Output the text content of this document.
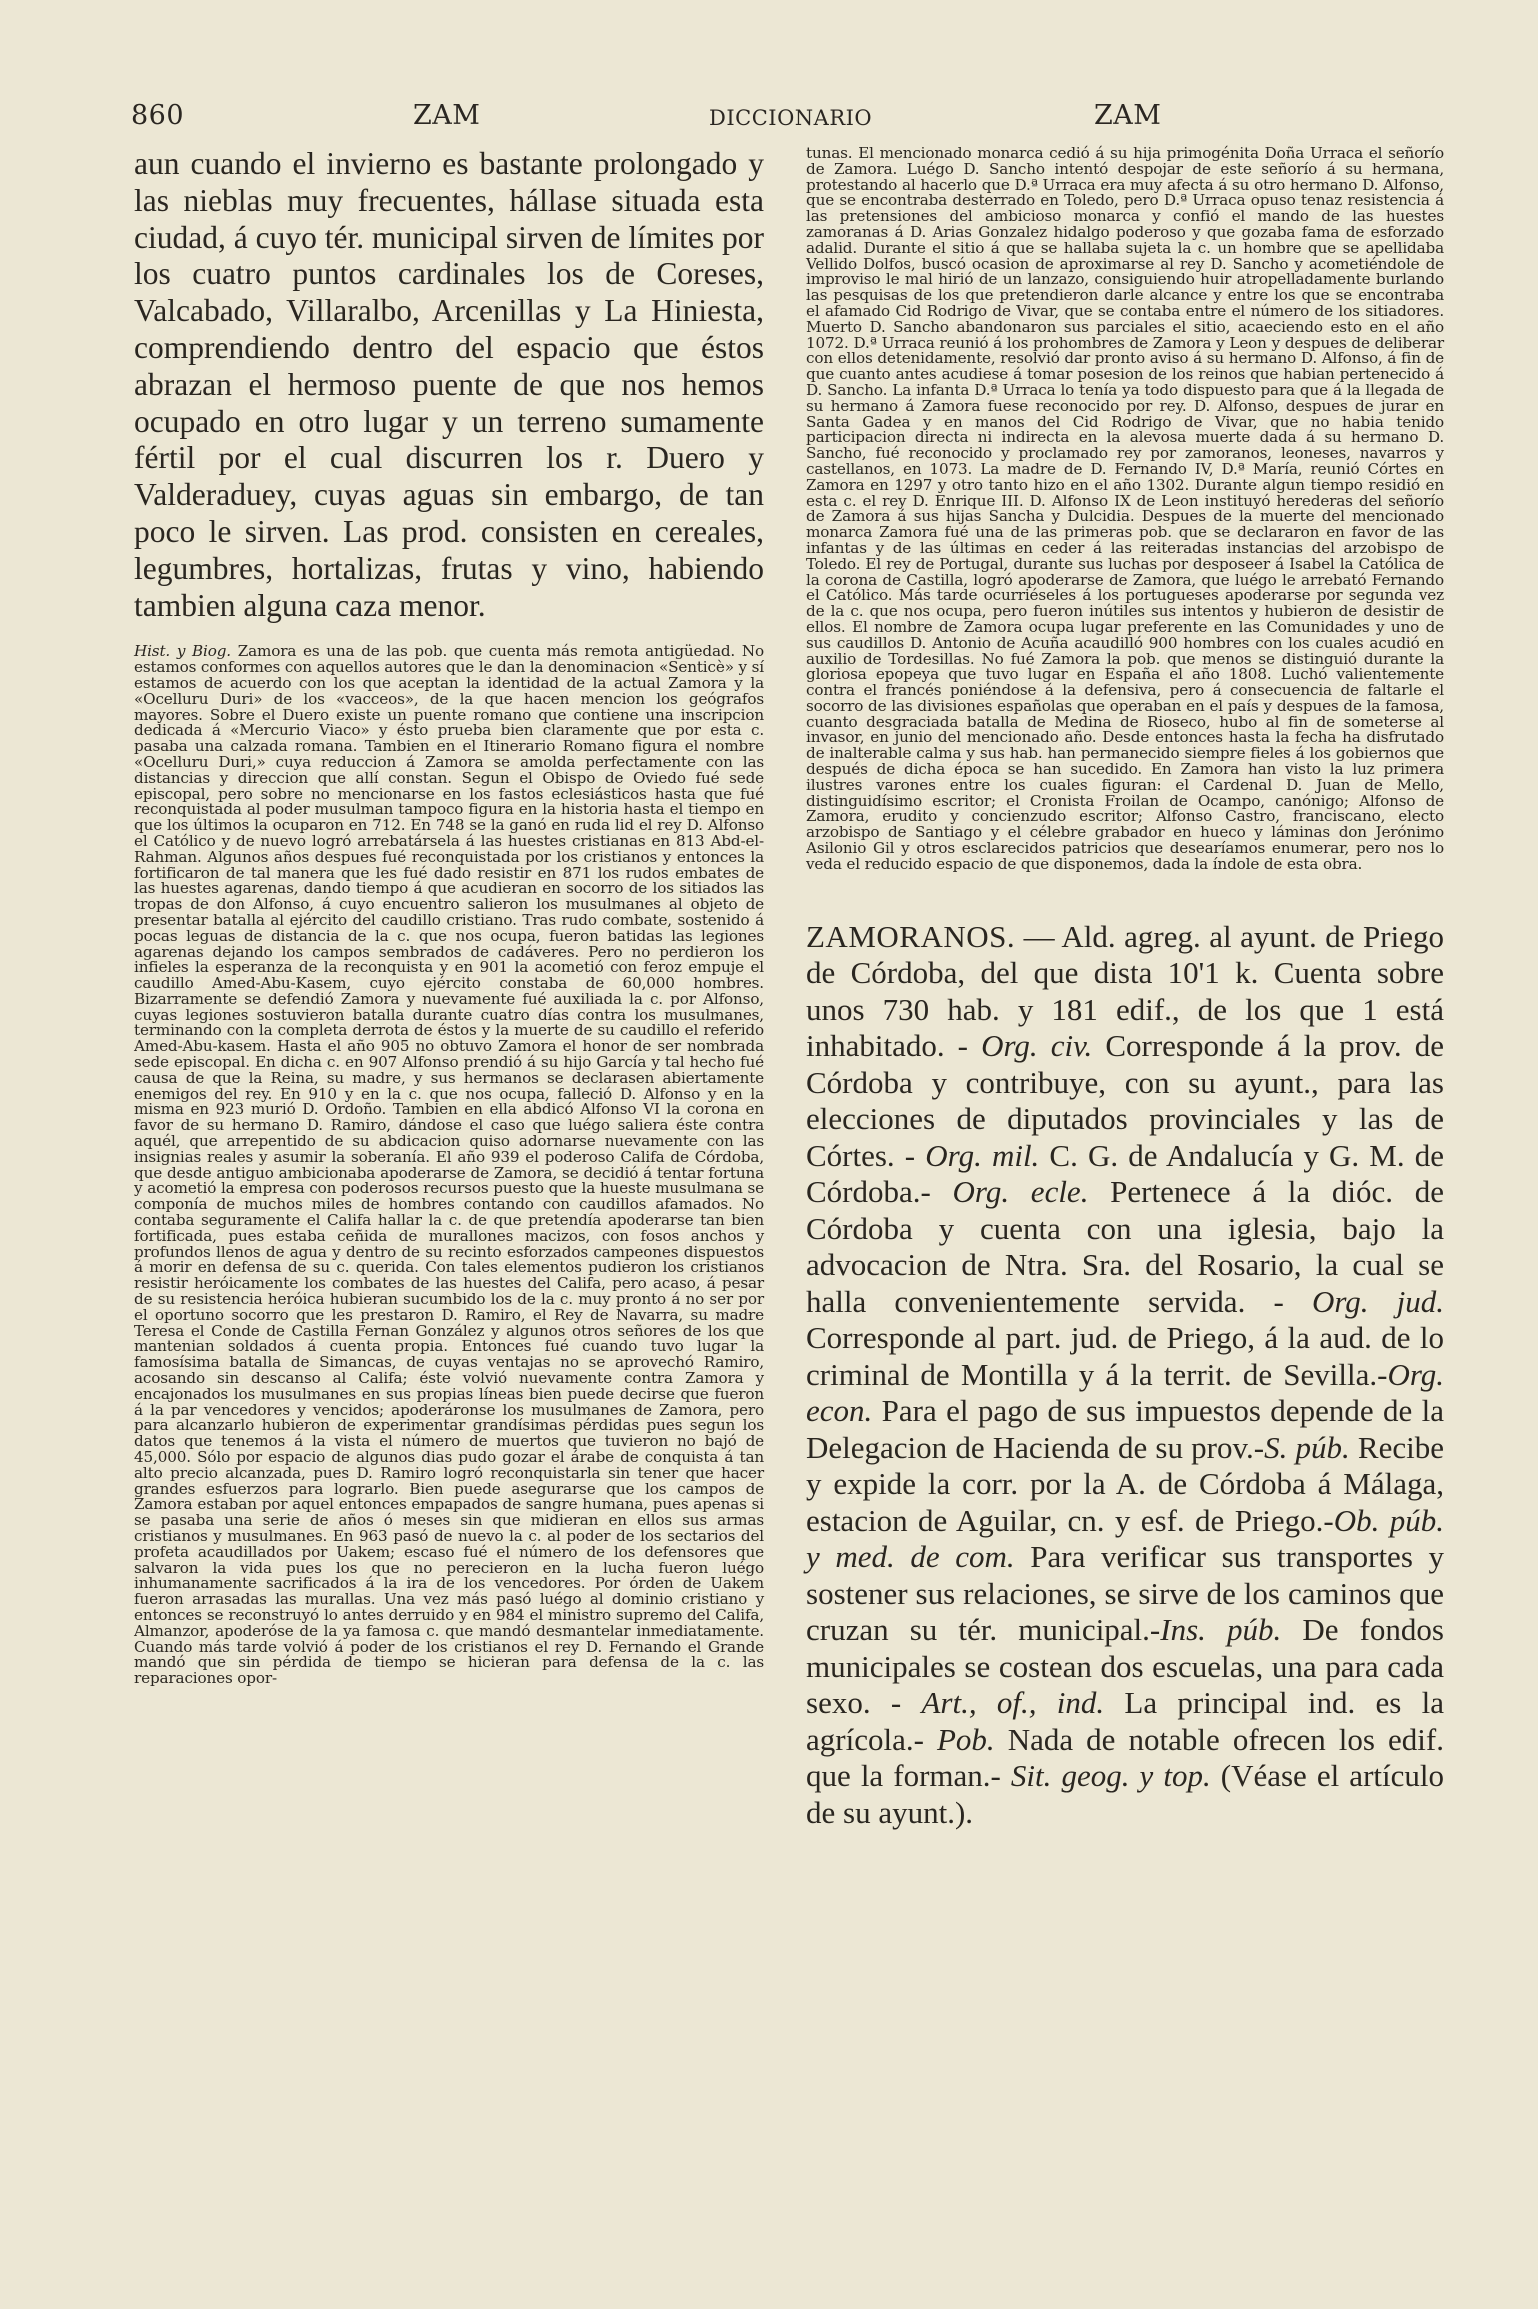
860	ZAM	DICCIONARIO	ZAM

aun cuando el invierno es bastante prolongado y las nieblas muy frecuentes, hállase situada esta ciudad, á cuyo tér. municipal sirven de límites por los cuatro puntos cardinales los de Coreses, Valcabado, Villaralbo, Arcenillas y La Hiniesta, comprendiendo dentro del espacio que éstos abrazan el hermoso puente de que nos hemos ocupado en otro lugar y un terreno sumamente fértil por el cual discurren los r. Duero y Valderaduey, cuyas aguas sin embargo, de tan poco le sirven. Las prod. consisten en cereales, legumbres, hortalizas, frutas y vino, habiendo tambien alguna caza menor.

Hist. y Biog. Zamora es una de las pob. que cuenta más remota antigüedad. No estamos conformes con aquellos autores que le dan la denominacion «Senticè» y sí estamos de acuerdo con los que aceptan la identidad de la actual Zamora y la «Ocelluru Duri» de los «vacceos», de la que hacen mencion los geógrafos mayores. Sobre el Duero existe un puente romano que contiene una inscripcion dedicada á «Mercurio Viaco» y ésto prueba bien claramente que por esta c. pasaba una calzada romana. Tambien en el Itinerario Romano figura el nombre «Ocelluru Duri,» cuya reduccion á Zamora se amolda perfectamente con las distancias y direccion que allí constan. Segun el Obispo de Oviedo fué sede episcopal, pero sobre no mencionarse en los fastos eclesiásticos hasta que fué reconquistada al poder musulman tampoco figura en la historia hasta el tiempo en que los últimos la ocuparon en 712. En 748 se la ganó en ruda lid el rey D. Alfonso el Católico y de nuevo logró arrebatársela á las huestes cristianas en 813 Abd-el-Rahman. Algunos años despues fué reconquistada por los cristianos y entonces la fortificaron de tal manera que les fué dado resistir en 871 los rudos embates de las huestes agarenas, dando tiempo á que acudieran en socorro de los sitiados las tropas de don Alfonso, á cuyo encuentro salieron los musulmanes al objeto de presentar batalla al ejército del caudillo cristiano. Tras rudo combate, sostenido á pocas leguas de distancia de la c. que nos ocupa, fueron batidas las legiones agarenas dejando los campos sembrados de cadáveres. Pero no perdieron los infieles la esperanza de la reconquista y en 901 la acometió con feroz empuje el caudillo Amed-Abu-Kasem, cuyo ejército constaba de 60,000 hombres. Bizarramente se defendió Zamora y nuevamente fué auxiliada la c. por Alfonso, cuyas legiones sostuvieron batalla durante cuatro días contra los musulmanes, terminando con la completa derrota de éstos y la muerte de su caudillo el referido Amed-Abu-kasem. Hasta el año 905 no obtuvo Zamora el honor de ser nombrada sede episcopal. En dicha c. en 907 Alfonso prendió á su hijo García y tal hecho fué causa de que la Reina, su madre, y sus hermanos se declarasen abiertamente enemigos del rey. En 910 y en la c. que nos ocupa, falleció D. Alfonso y en la misma en 923 murió D. Ordoño. Tambien en ella abdicó Alfonso VI la corona en favor de su hermano D. Ramiro, dándose el caso que luégo saliera éste contra aquél, que arrepentido de su abdicacion quiso adornarse nuevamente con las insignias reales y asumir la soberanía. El año 939 el poderoso Califa de Córdoba, que desde antiguo ambicionaba apoderarse de Zamora, se decidió á tentar fortuna y acometió la empresa con poderosos recursos puesto que la hueste musulmana se componía de muchos miles de hombres contando con caudillos afamados. No contaba seguramente el Califa hallar la c. de que pretendía apoderarse tan bien fortificada, pues estaba ceñida de murallones macizos, con fosos anchos y profundos llenos de agua y dentro de su recinto esforzados campeones dispuestos á morir en defensa de su c. querida. Con tales elementos pudieron los cristianos resistir heróicamente los combates de las huestes del Califa, pero acaso, á pesar de su resistencia heróica hubieran sucumbido los de la c. muy pronto á no ser por el oportuno socorro que les prestaron D. Ramiro, el Rey de Navarra, su madre Teresa el Conde de Castilla Fernan González y algunos otros señores de los que mantenian soldados á cuenta propia. Entonces fué cuando tuvo lugar la famosísima batalla de Simancas, de cuyas ventajas no se aprovechó Ramiro, acosando sin descanso al Califa; éste volvió nuevamente contra Zamora y encajonados los musulmanes en sus propias líneas bien puede decirse que fueron á la par vencedores y vencidos; apoderáronse los musulmanes de Zamora, pero para alcanzarlo hubieron de experimentar grandísimas pérdidas pues segun los datos que tenemos á la vista el número de muertos que tuvieron no bajó de 45,000. Sólo por espacio de algunos dias pudo gozar el árabe de conquista á tan alto precio alcanzada, pues D. Ramiro logró reconquistarla sin tener que hacer grandes esfuerzos para lograrlo. Bien puede asegurarse que los campos de Zamora estaban por aquel entonces empapados de sangre humana, pues apenas si se pasaba una serie de años ó meses sin que midieran en ellos sus armas cristianos y musulmanes. En 963 pasó de nuevo la c. al poder de los sectarios del profeta acaudillados por Uakem; escaso fué el número de los defensores que salvaron la vida pues los que no perecieron en la lucha fueron luégo inhumanamente sacrificados á la ira de los vencedores. Por órden de Uakem fueron arrasadas las murallas. Una vez más pasó luégo al dominio cristiano y entonces se reconstruyó lo antes derruido y en 984 el ministro supremo del Califa, Almanzor, apoderóse de la ya famosa c. que mandó desmantelar inmediatamente. Cuando más tarde volvió á poder de los cristianos el rey D. Fernando el Grande mandó que sin pérdida de tiempo se hicieran para defensa de la c. las reparaciones opor-

tunas. El mencionado monarca cedió á su hija primogénita Doña Urraca el señorío de Zamora. Luégo D. Sancho intentó despojar de este señorío á su hermana, protestando al hacerlo que D.ª Urraca era muy afecta á su otro hermano D. Alfonso, que se encontraba desterrado en Toledo, pero D.ª Urraca opuso tenaz resistencia á las pretensiones del ambicioso monarca y confió el mando de las huestes zamoranas á D. Arias Gonzalez hidalgo poderoso y que gozaba fama de esforzado adalid. Durante el sitio á que se hallaba sujeta la c. un hombre que se apellidaba Vellido Dolfos, buscó ocasion de aproximarse al rey D. Sancho y acometiéndole de improviso le mal hirió de un lanzazo, consiguiendo huir atropelladamente burlando las pesquisas de los que pretendieron darle alcance y entre los que se encontraba el afamado Cid Rodrigo de Vivar, que se contaba entre el número de los sitiadores. Muerto D. Sancho abandonaron sus parciales el sitio, acaeciendo esto en el año 1072. D.ª Urraca reunió á los prohombres de Zamora y Leon y despues de deliberar con ellos detenidamente, resolvió dar pronto aviso á su hermano D. Alfonso, á fin de que cuanto antes acudiese á tomar posesion de los reinos que habian pertenecido á D. Sancho. La infanta D.ª Urraca lo tenía ya todo dispuesto para que á la llegada de su hermano á Zamora fuese reconocido por rey. D. Alfonso, despues de jurar en Santa Gadea y en manos del Cid Rodrigo de Vivar, que no habia tenido participacion directa ni indirecta en la alevosa muerte dada á su hermano D. Sancho, fué reconocido y proclamado rey por zamoranos, leoneses, navarros y castellanos, en 1073. La madre de D. Fernando IV, D.ª María, reunió Córtes en Zamora en 1297 y otro tanto hizo en el año 1302. Durante algun tiempo residió en esta c. el rey D. Enrique III. D. Alfonso IX de Leon instituyó herederas del señorío de Zamora á sus hijas Sancha y Dulcidia. Despues de la muerte del mencionado monarca Zamora fué una de las primeras pob. que se declararon en favor de las infantas y de las últimas en ceder á las reiteradas instancias del arzobispo de Toledo. El rey de Portugal, durante sus luchas por desposeer á Isabel la Católica de la corona de Castilla, logró apoderarse de Zamora, que luégo le arrebató Fernando el Católico. Más tarde ocurriéseles á los portugueses apoderarse por segunda vez de la c. que nos ocupa, pero fueron inútiles sus intentos y hubieron de desistir de ellos. El nombre de Zamora ocupa lugar preferente en las Comunidades y uno de sus caudillos D. Antonio de Acuña acaudilló 900 hombres con los cuales acudió en auxilio de Tordesillas. No fué Zamora la pob. que menos se distinguió durante la gloriosa epopeya que tuvo lugar en España el año 1808. Luchó valientemente contra el francés poniéndose á la defensiva, pero á consecuencia de faltarle el socorro de las divisiones españolas que operaban en el país y despues de la famosa, cuanto desgraciada batalla de Medina de Rioseco, hubo al fin de someterse al invasor, en junio del mencionado año. Desde entonces hasta la fecha ha disfrutado de inalterable calma y sus hab. han permanecido siempre fieles á los gobiernos que después de dicha época se han sucedido. En Zamora han visto la luz primera ilustres varones entre los cuales figuran: el Cardenal D. Juan de Mello, distinguidísimo escritor; el Cronista Froilan de Ocampo, canónigo; Alfonso de Zamora, erudito y concienzudo escritor; Alfonso Castro, franciscano, electo arzobispo de Santiago y el célebre grabador en hueco y láminas don Jerónimo Asilonio Gil y otros esclarecidos patricios que desearíamos enumerar, pero nos lo veda el reducido espacio de que disponemos, dada la índole de esta obra.

ZAMORANOS. — Ald. agreg. al ayunt. de Priego de Córdoba, del que dista 10'1 k. Cuenta sobre unos 730 hab. y 181 edif., de los que 1 está inhabitado. - Org. civ. Corresponde á la prov. de Córdoba y contribuye, con su ayunt., para las elecciones de diputados provinciales y las de Córtes. - Org. mil. C. G. de Andalucía y G. M. de Córdoba.- Org. ecle. Pertenece á la dióc. de Córdoba y cuenta con una iglesia, bajo la advocacion de Ntra. Sra. del Rosario, la cual se halla convenientemente servida. - Org. jud. Corresponde al part. jud. de Priego, á la aud. de lo criminal de Montilla y á la territ. de Sevilla.-Org. econ. Para el pago de sus impuestos depende de la Delegacion de Hacienda de su prov.-S. púb. Recibe y expide la corr. por la A. de Córdoba á Málaga, estacion de Aguilar, cn. y esf. de Priego.-Ob. púb. y med. de com. Para verificar sus transportes y sostener sus relaciones, se sirve de los caminos que cruzan su tér. municipal.-Ins. púb. De fondos municipales se costean dos escuelas, una para cada sexo. - Art., of., ind. La principal ind. es la agrícola.- Pob. Nada de notable ofrecen los edif. que la forman.- Sit. geog. y top. (Véase el artículo de su ayunt.).
